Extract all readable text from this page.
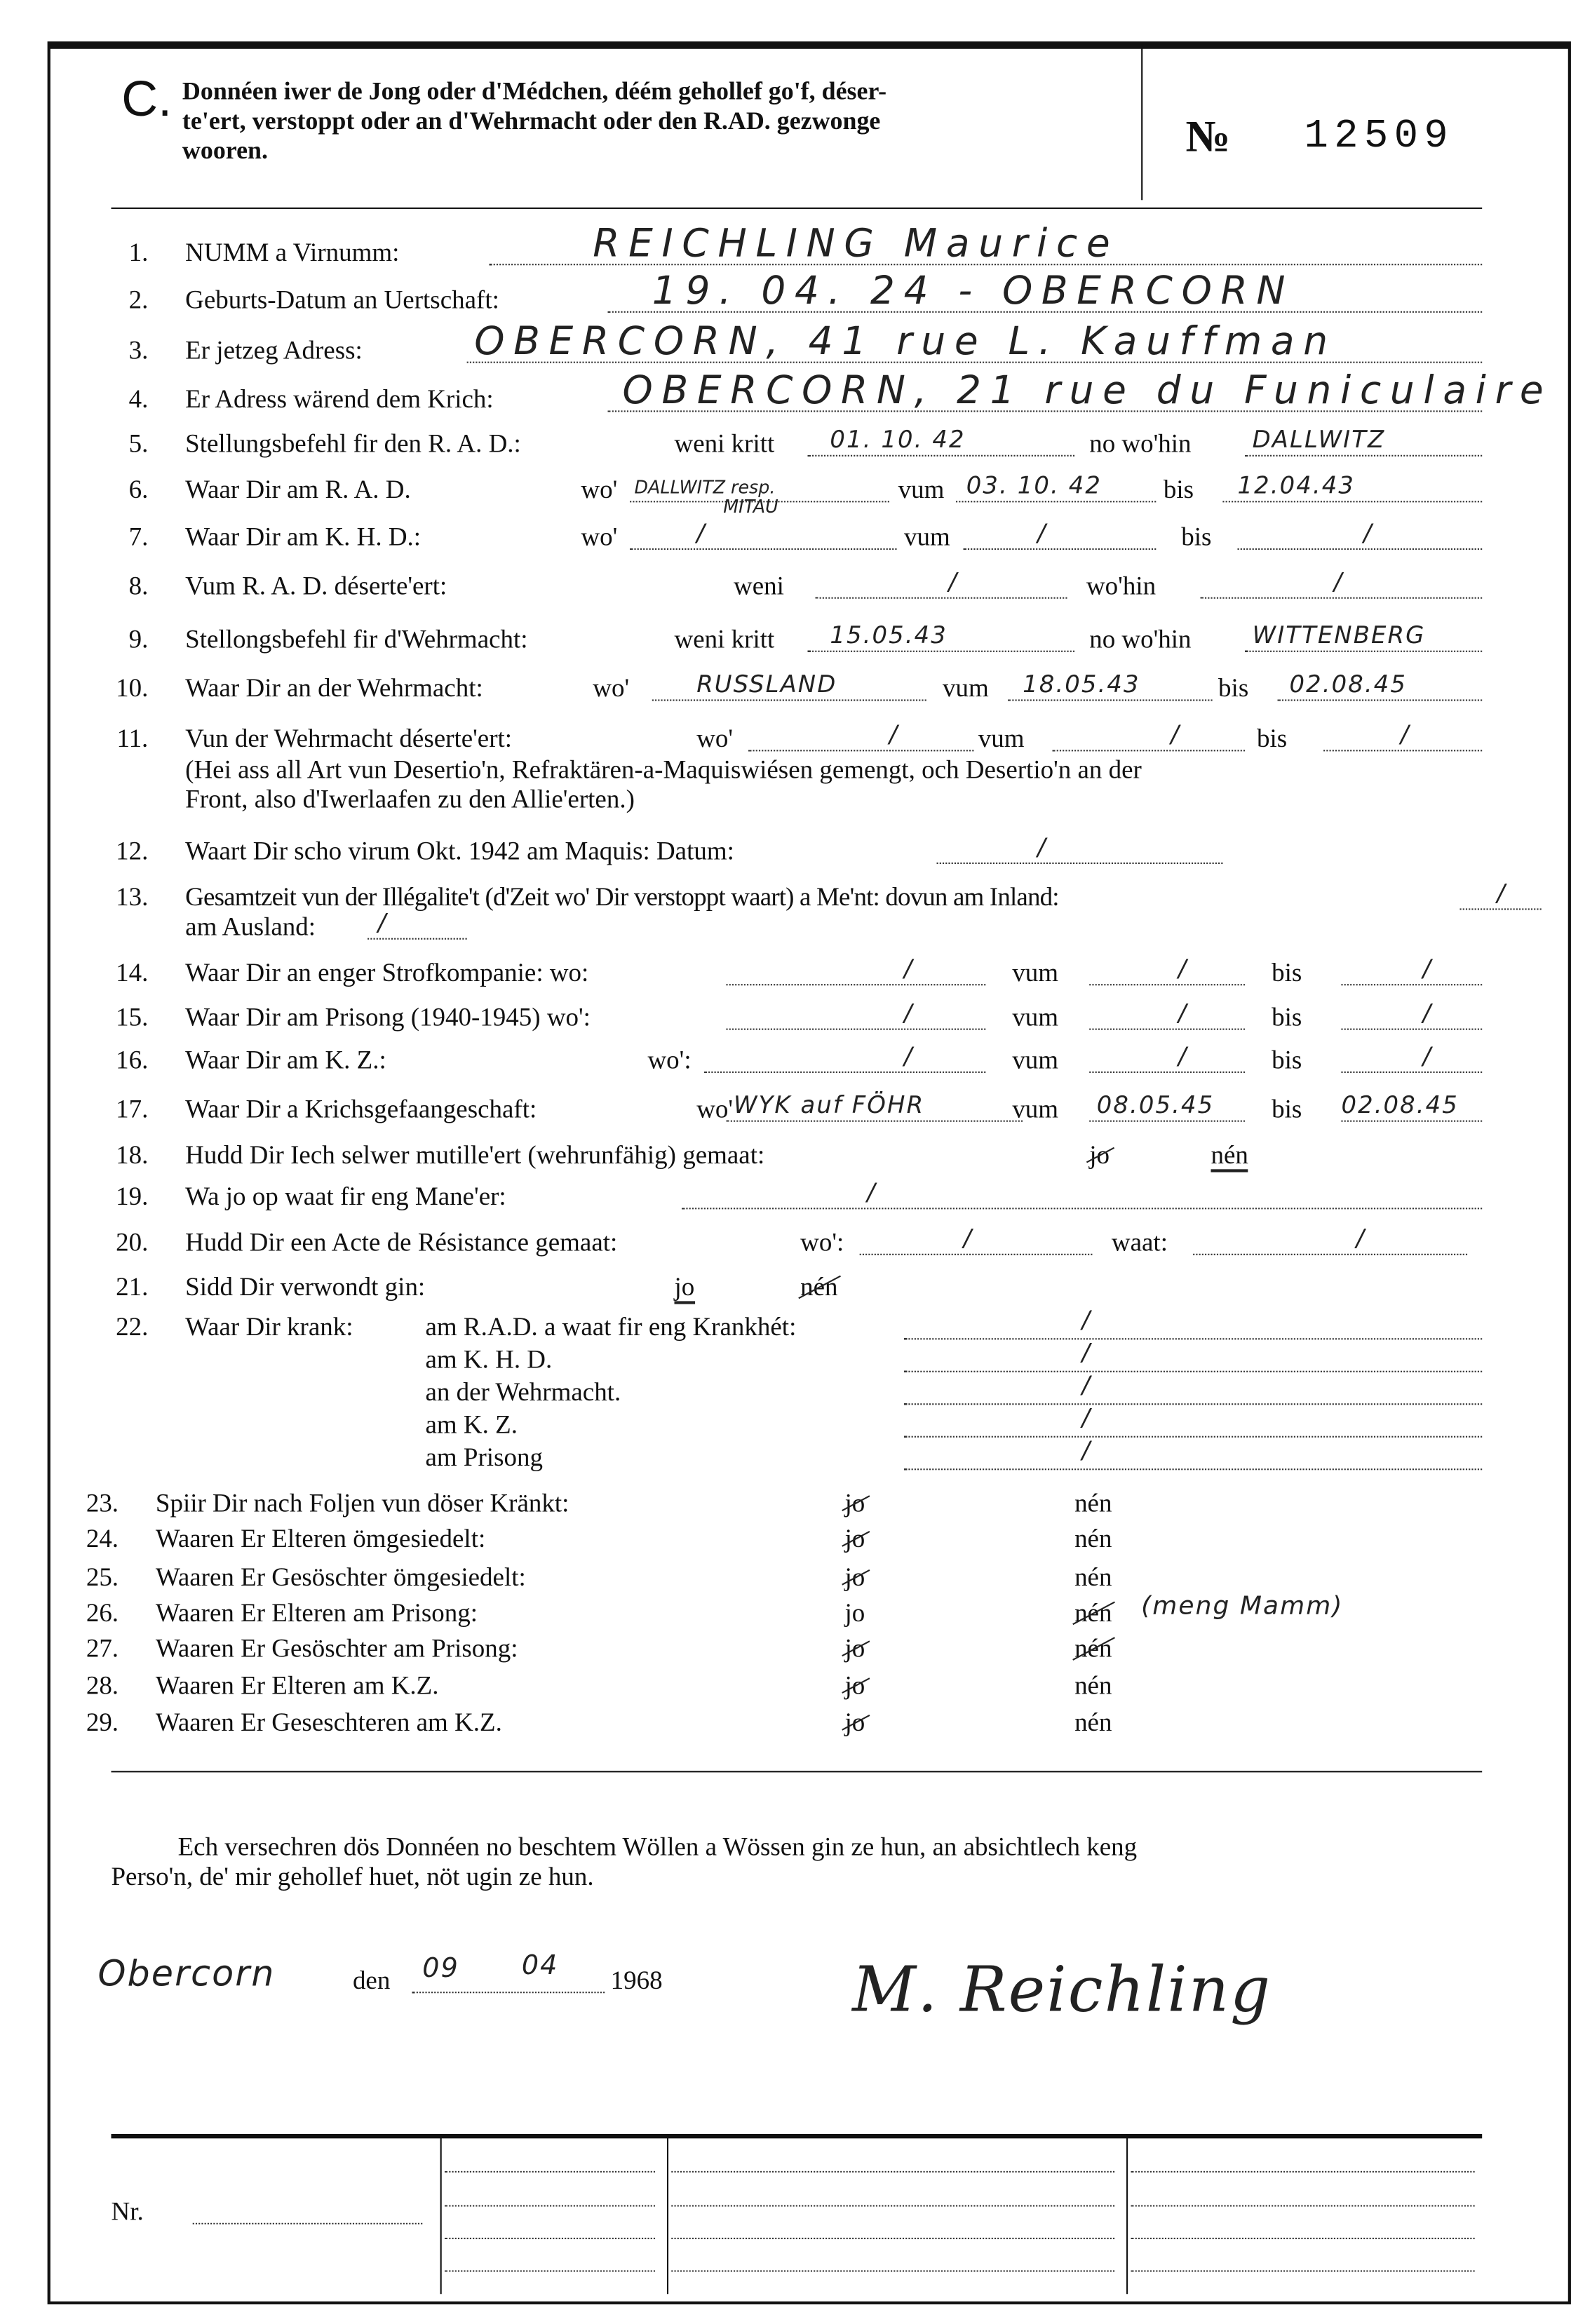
C. Donnéen iwer de Jong oder d'Médchen, déém gehollef go'f, déser-
te'ert, verstoppt oder an d'Wehrmacht oder den R.AD. gezwonge
wooren.	№	12509
1.	NUMM a Virnumm:	REICHLING Maurice
2.	Geburts-Datum an Uertschaft:	19. 04. 24 - OBERCORN
3.	Er jetzeg Adress:	OBERCORN, 41 rue L. Kauffman
4.	Er Adress wärend dem Krich:	OBERCORN, 21 rue du Funiculaire
5.	Stellungsbefehl fir den R. A. D.:	weni kritt	01. 10. 42	no wo'hin	DALLWITZ
6.	Waar Dir am R. A. D.	wo' DALLWITZ resp.
MITAU
vum 03. 10. 42	bis	12.04.43
7.	Waar Dir am K. H. D.:	wo'	/	vum	/	bis	/
8.	Vum R. A. D. déserte'ert:	weni	/	wo'hin	/
9.	Stellongsbefehl fir d'Wehrmacht:	weni kritt	15.05.43	no wo'hin	WITTENBERG
10.	Waar Dir an der Wehrmacht:	wo'	RUSSLAND	vum	18.05.43	bis	02.08.45
11.	Vun der Wehrmacht déserte'ert:	wo'	/	vum	/	bis	/
(Hei ass all Art vun Desertio'n, Refraktären-a-Maquiswiésen gemengt, och Desertio'n an der
Front, also d'Iwerlaafen zu den Allie'erten.)
12.	Waart Dir scho virum Okt. 1942 am Maquis: Datum:	/
13.	Gesamtzeit vun der Illégalite't (d'Zeit wo' Dir verstoppt waart) a Me'nt: dovun am Inland:	/
am Ausland:	/
14.	Waar Dir an enger Strofkompanie: wo:	/	vum	/	bis	/
15.	Waar Dir am Prisong (1940-1945) wo':	/	vum	/	bis	/
16.	Waar Dir am K. Z.:	wo':	/	vum	/	bis	/
17.	Waar Dir a Krichsgefaangeschaft:	wo' WYK auf FÖHR	vum	08.05.45	bis	02.08.45
18.	Hudd Dir Iech selwer mutille'ert (wehrunfähig) gemaat:	jo	nén
19.	Wa jo op waat fir eng Mane'er:	/
20.	Hudd Dir een Acte de Résistance gemaat:	wo':	/	waat:	/
21.	Sidd Dir verwondt gin:	jo	nén
22.	Waar Dir krank:	am R.A.D. a waat fir eng Krankhét:	/
am K. H. D.	/
an der Wehrmacht.	/
am K. Z.	/
am Prisong	/
23.	Spiir Dir nach Foljen vun döser Kränkt:	jo	nén
24.	Waaren Er Elteren ömgesiedelt:	jo	nén
25.	Waaren Er Gesöschter ömgesiedelt:	jo	nén
26.	Waaren Er Elteren am Prisong:	jo	nén (meng Mamm)
27.	Waaren Er Gesöschter am Prisong:	jo	nén
28.	Waaren Er Elteren am K.Z.	jo	nén
29.	Waaren Er Geseschteren am K.Z.	jo	nén
Ech versechren dös Donnéen no beschtem Wöllen a Wössen gin ze hun, an absichtlech keng
Perso'n, de' mir gehollef huet, nöt ugin ze hun.
Obercorn	den	09	04	1968	M. Reichling
Nr.
